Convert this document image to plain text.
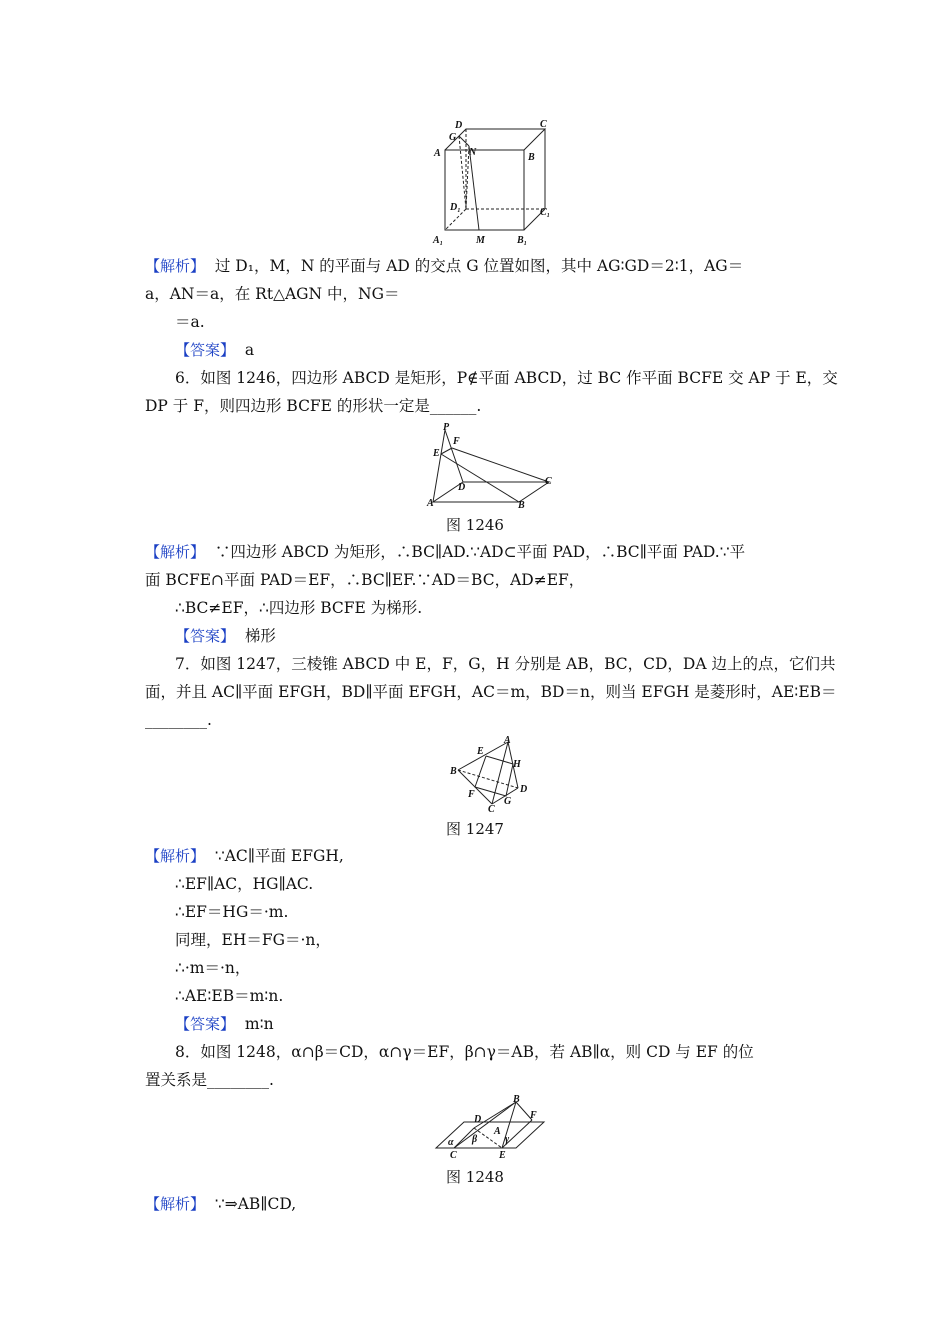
D	C
G
N
A	B
D₁	C₁
A₁	M	B₁
【解析】 过 D₁，M，N 的平面与 AD 的交点 G 位置如图，其中 AG∶GD＝2∶1，AG＝
a，AN＝a，在 Rt△AGN 中，NG＝
＝a.
【答案】 a
6．如图 1246，四边形 ABCD 是矩形，P∉平面 ABCD，过 BC 作平面 BCFE 交 AP 于 E，交
DP 于 F，则四边形 BCFE 的形状一定是______.
P
F
E
D
C
A	B
图 1246
【解析】 ∵四边形 ABCD 为矩形，∴BC∥AD.∵AD⊂平面 PAD，∴BC∥平面 PAD.∵平
面 BCFE∩平面 PAD＝EF，∴BC∥EF.∵AD＝BC，AD≠EF，
∴BC≠EF，∴四边形 BCFE 为梯形.
【答案】 梯形
7．如图 1247，三棱锥 ABCD 中 E，F，G，H 分别是 AB，BC，CD，DA 边上的点，它们共
面，并且 AC∥平面 EFGH，BD∥平面 EFGH，AC＝m，BD＝n，则当 EFGH 是菱形时，AE∶EB＝
________.
E
A
H
B
F
C
G
D
图 1247
【解析】 ∵AC∥平面 EFGH,
∴EF∥AC，HG∥AC.
∴EF＝HG＝·m.
同理，EH＝FG＝·n，
∴·m＝·n，
∴AE∶EB＝m∶n.
【答案】 m∶n
8．如图 1248，α∩β＝CD，α∩γ＝EF，β∩γ＝AB，若 AB∥α，则 CD 与 EF 的位
置关系是________.
B
D	F
α β
A
γ
C	E
图 1248
【解析】 ∵⇒AB∥CD,
